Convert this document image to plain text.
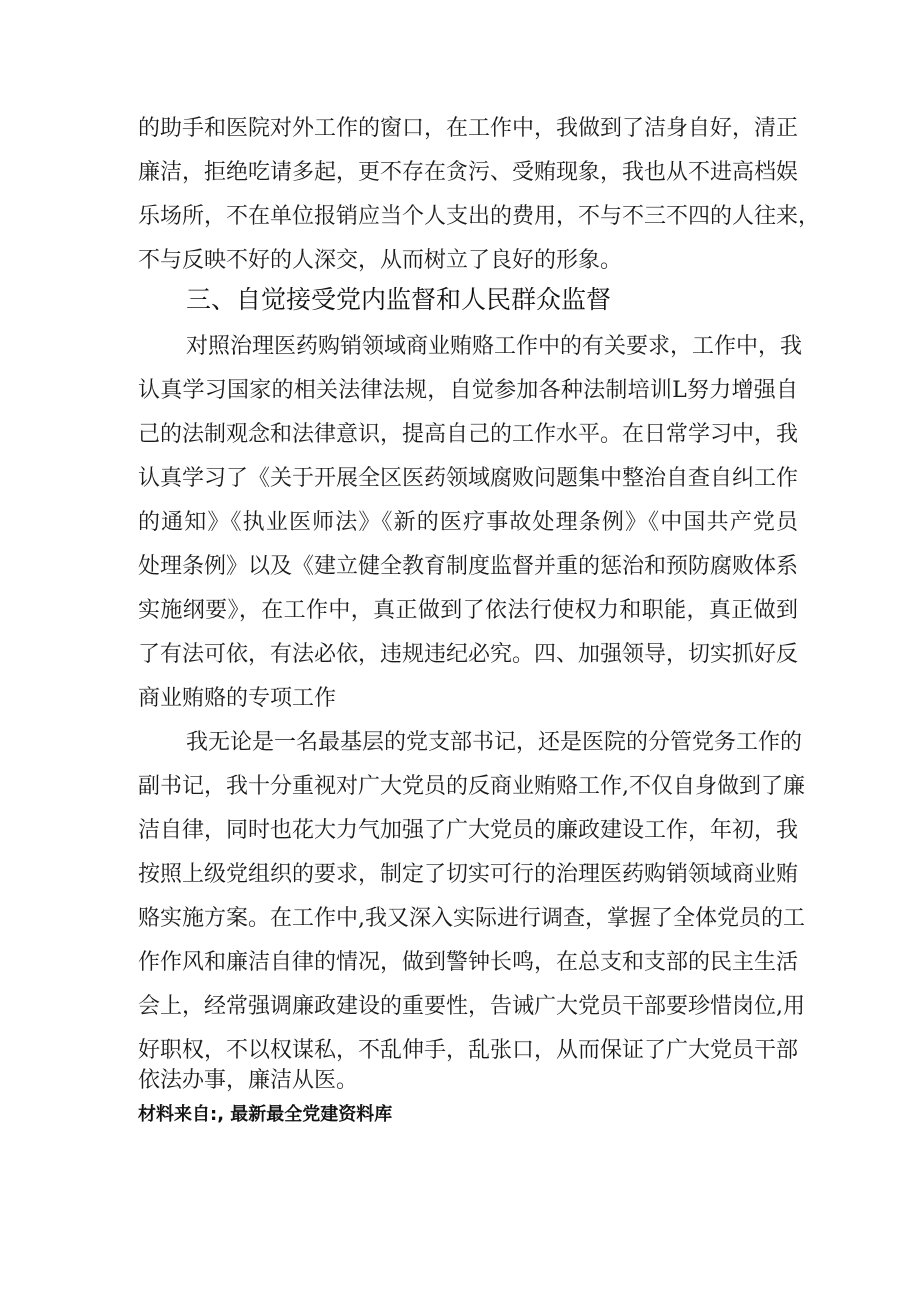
的助手和医院对外工作的窗口，在工作中，我做到了洁身自好，清正
廉洁，拒绝吃请多起，更不存在贪污、受贿现象，我也从不进高档娱
乐场所，不在单位报销应当个人支出的费用，不与不三不四的人往来，
不与反映不好的人深交，从而树立了良好的形象。
三、自觉接受党内监督和人民群众监督
对照治理医药购销领域商业贿赂工作中的有关要求，工作中，我
认真学习国家的相关法律法规，自觉参加各种法制培训L努力增强自
己的法制观念和法律意识，提高自己的工作水平。在日常学习中，我
认真学习了《关于开展全区医药领域腐败问题集中整治自查自纠工作
的通知》《执业医师法》《新的医疗事故处理条例》《中国共产党员
处理条例》以及《建立健全教育制度监督并重的惩治和预防腐败体系
实施纲要》，在工作中，真正做到了依法行使权力和职能，真正做到
了有法可依，有法必依，违规违纪必究。四、加强领导，切实抓好反
商业贿赂的专项工作
我无论是一名最基层的党支部书记，还是医院的分管党务工作的
副书记，我十分重视对广大党员的反商业贿赂工作,不仅自身做到了廉
洁自律，同时也花大力气加强了广大党员的廉政建设工作，年初，我
按照上级党组织的要求，制定了切实可行的治理医药购销领域商业贿
赂实施方案。在工作中,我又深入实际进行调查，掌握了全体党员的工
作作风和廉洁自律的情况，做到警钟长鸣，在总支和支部的民主生活
会上，经常强调廉政建设的重要性，告诫广大党员干部要珍惜岗位,用
好职权，不以权谋私，不乱伸手，乱张口，从而保证了广大党员干部
依法办事，廉洁从医。
材料来自:, 最新最全党建资料库
